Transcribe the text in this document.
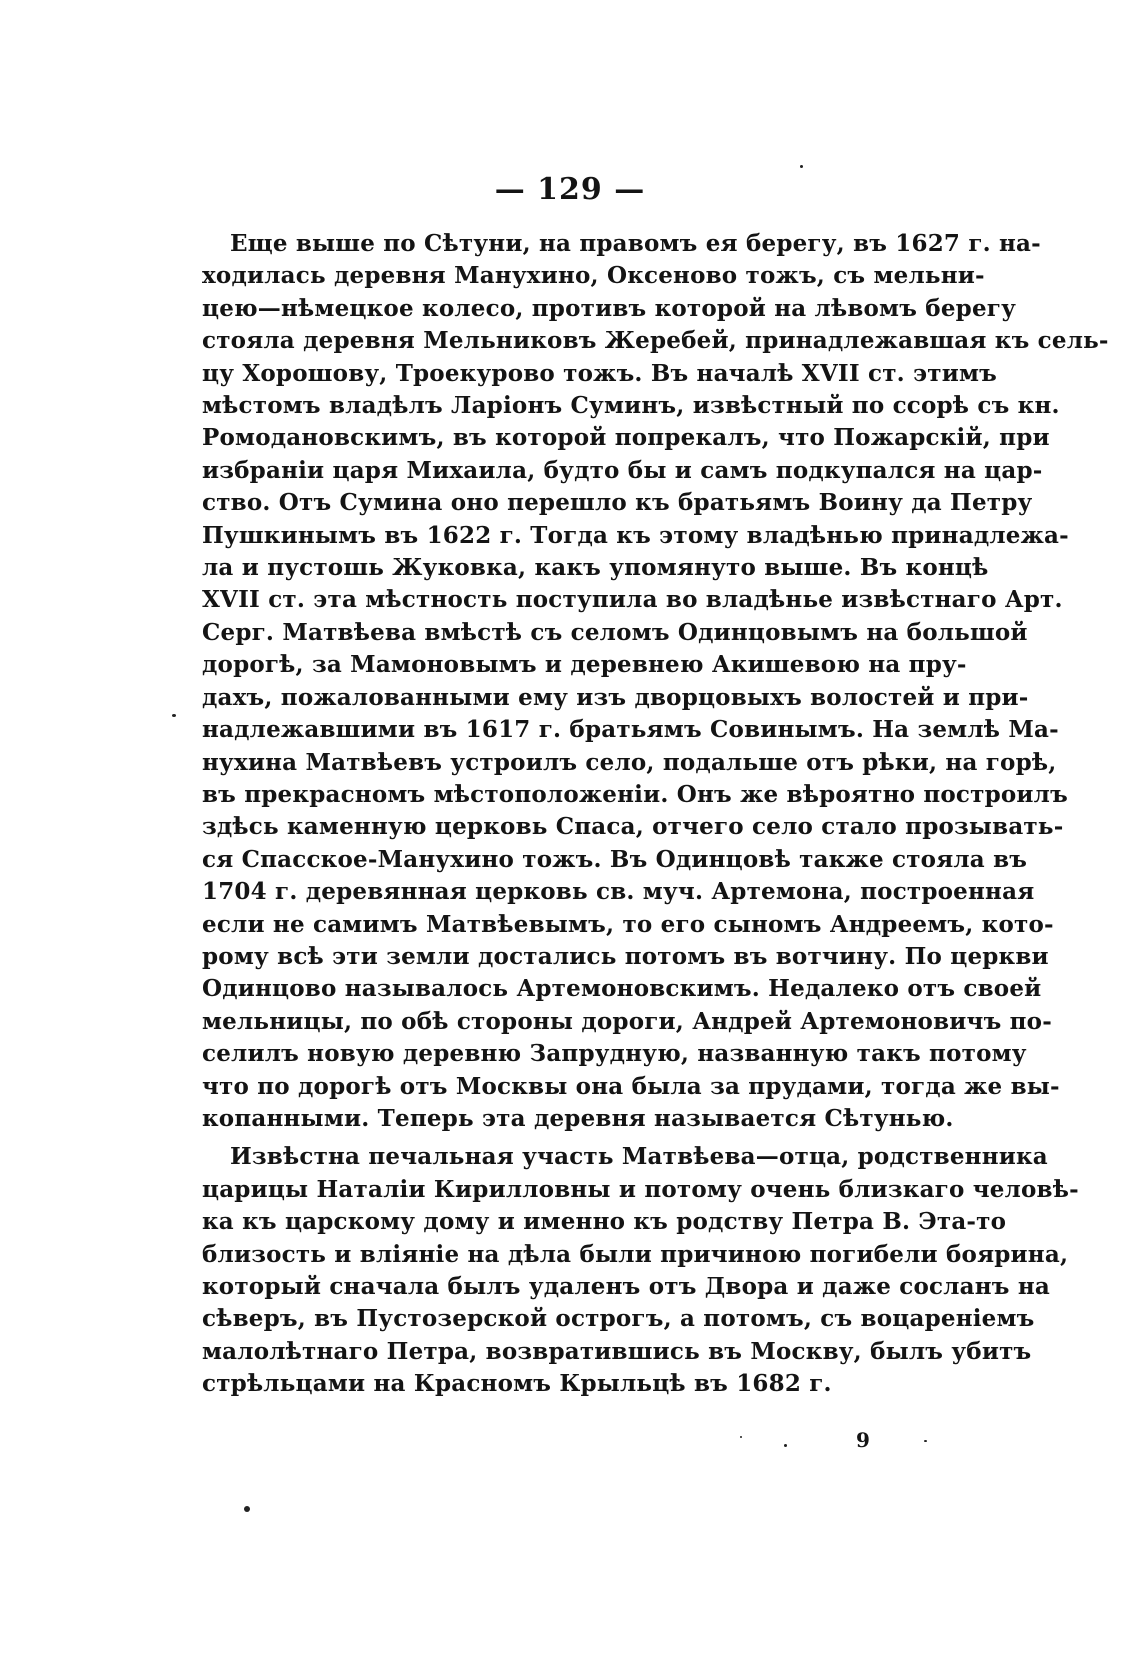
— 129 —
Еще выше по Сѣтуни, на правомъ ея берегу, въ 1627 г. на-
ходилась деревня Манухино, Оксеново тожъ, съ мельни-
цею—нѣмецкое колесо, противъ которой на лѣвомъ берегу
стояла деревня Мельниковъ Жеребей, принадлежавшая къ сель-
цу Хорошову, Троекурово тожъ. Въ началѣ XVII ст. этимъ
мѣстомъ владѣлъ Ларіонъ Суминъ, извѣстный по ссорѣ съ кн.
Ромодановскимъ, въ которой попрекалъ, что Пожарскій, при
избраніи царя Михаила, будто бы и самъ подкупался на цар-
ство. Отъ Сумина оно перешло къ братьямъ Воину да Петру
Пушкинымъ въ 1622 г. Тогда къ этому владѣнью принадлежа-
ла и пустошь Жуковка, какъ упомянуто выше. Въ концѣ
XVII ст. эта мѣстность поступила во владѣнье извѣстнаго Арт.
Серг. Матвѣева вмѣстѣ съ селомъ Одинцовымъ на большой
дорогѣ, за Мамоновымъ и деревнею Акишевою на пру-
дахъ, пожалованными ему изъ дворцовыхъ волостей и при-
надлежавшими въ 1617 г. братьямъ Совинымъ. На землѣ Ма-
нухина Матвѣевъ устроилъ село, подальше отъ рѣки, на горѣ,
въ прекрасномъ мѣстоположеніи. Онъ же вѣроятно построилъ
здѣсь каменную церковь Спаса, отчего село стало прозывать-
ся Спасское-Манухино тожъ. Въ Одинцовѣ также стояла въ
1704 г. деревянная церковь св. муч. Артемона, построенная
если не самимъ Матвѣевымъ, то его сыномъ Андреемъ, кото-
рому всѣ эти земли достались потомъ въ вотчину. По церкви
Одинцово называлось Артемоновскимъ. Недалеко отъ своей
мельницы, по обѣ стороны дороги, Андрей Артемоновичъ по-
селилъ новую деревню Запрудную, названную такъ потому
что по дорогѣ отъ Москвы она была за прудами, тогда же вы-
копанными. Теперь эта деревня называется Сѣтунью.
Извѣстна печальная участь Матвѣева—отца, родственника
царицы Наталіи Кирилловны и потому очень близкаго человѣ-
ка къ царскому дому и именно къ родству Петра В. Эта-то
близость и вліяніе на дѣла были причиною погибели боярина,
который сначала былъ удаленъ отъ Двора и даже сосланъ на
сѣверъ, въ Пустозерской острогъ, а потомъ, съ воцареніемъ
малолѣтнаго Петра, возвратившись въ Москву, былъ убитъ
стрѣльцами на Красномъ Крыльцѣ въ 1682 г.
9
